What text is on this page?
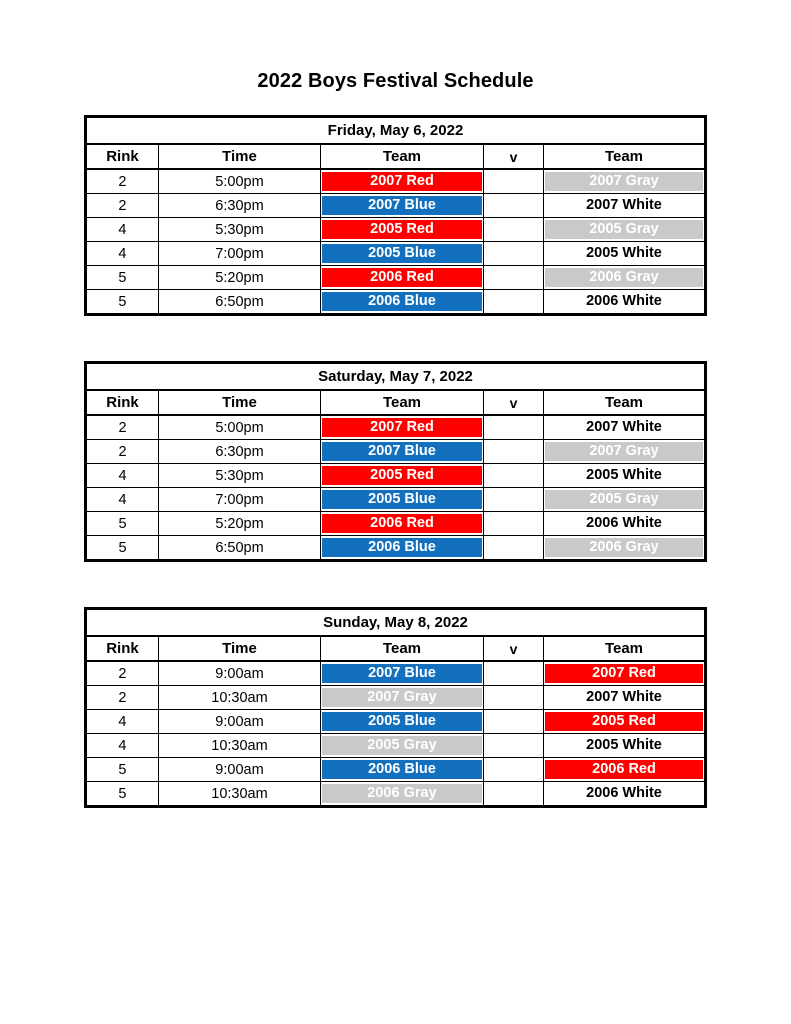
2022 Boys Festival Schedule
Friday, May 6, 2022				
Rink	Time	Team	v	Team
2	5:00pm	2007 Red		2007 Gray

2	6:30pm	2007 Blue		2007 White

4	5:30pm	2005 Red		2005 Gray

4	7:00pm	2005 Blue		2005 White

5	5:20pm	2006 Red		2006 Gray

5	6:50pm	2006 Blue		2006 White
Saturday, May 7, 2022				
Rink	Time	Team	v	Team
2	5:00pm	2007 Red		2007 White

2	6:30pm	2007 Blue		2007 Gray

4	5:30pm	2005 Red		2005 White

4	7:00pm	2005 Blue		2005 Gray

5	5:20pm	2006 Red		2006 White

5	6:50pm	2006 Blue		2006 Gray
Sunday, May 8, 2022				
Rink	Time	Team	v	Team
2	9:00am	2007 Blue		2007 Red

2	10:30am	2007 Gray		2007 White

4	9:00am	2005 Blue		2005 Red

4	10:30am	2005 Gray		2005 White

5	9:00am	2006 Blue		2006 Red

5	10:30am	2006 Gray		2006 White
